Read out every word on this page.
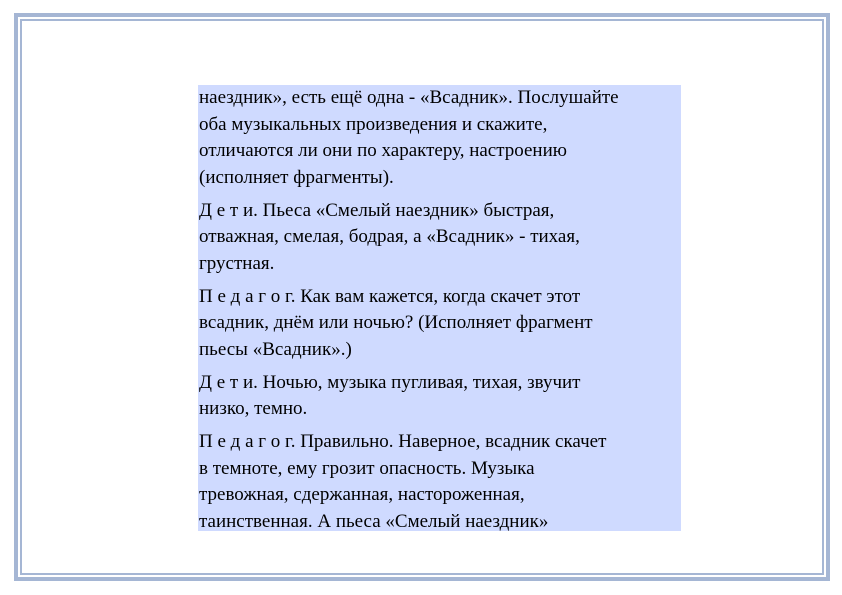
наездник», есть ещё одна - «Всадник». Послушайте
оба музыкальных произведения и скажите,
отличаются ли они по характеру, настроению
(исполняет фрагменты).

Д е т и. Пьеса «Смелый наездник» быстрая,
отважная, смелая, бодрая, а «Всадник» - тихая,
грустная.

П е д а г о г. Как вам кажется, когда скачет этот
всадник, днём или ночью? (Исполняет фрагмент
пьесы «Всадник».)

Д е т и. Ночью, музыка пугливая, тихая, звучит
низко, темно.

П е д а г о г. Правильно. Наверное, всадник скачет
в темноте, ему грозит опасность. Музыка
тревожная, сдержанная, настороженная,
таинственная. А пьеса «Смелый наездник»
